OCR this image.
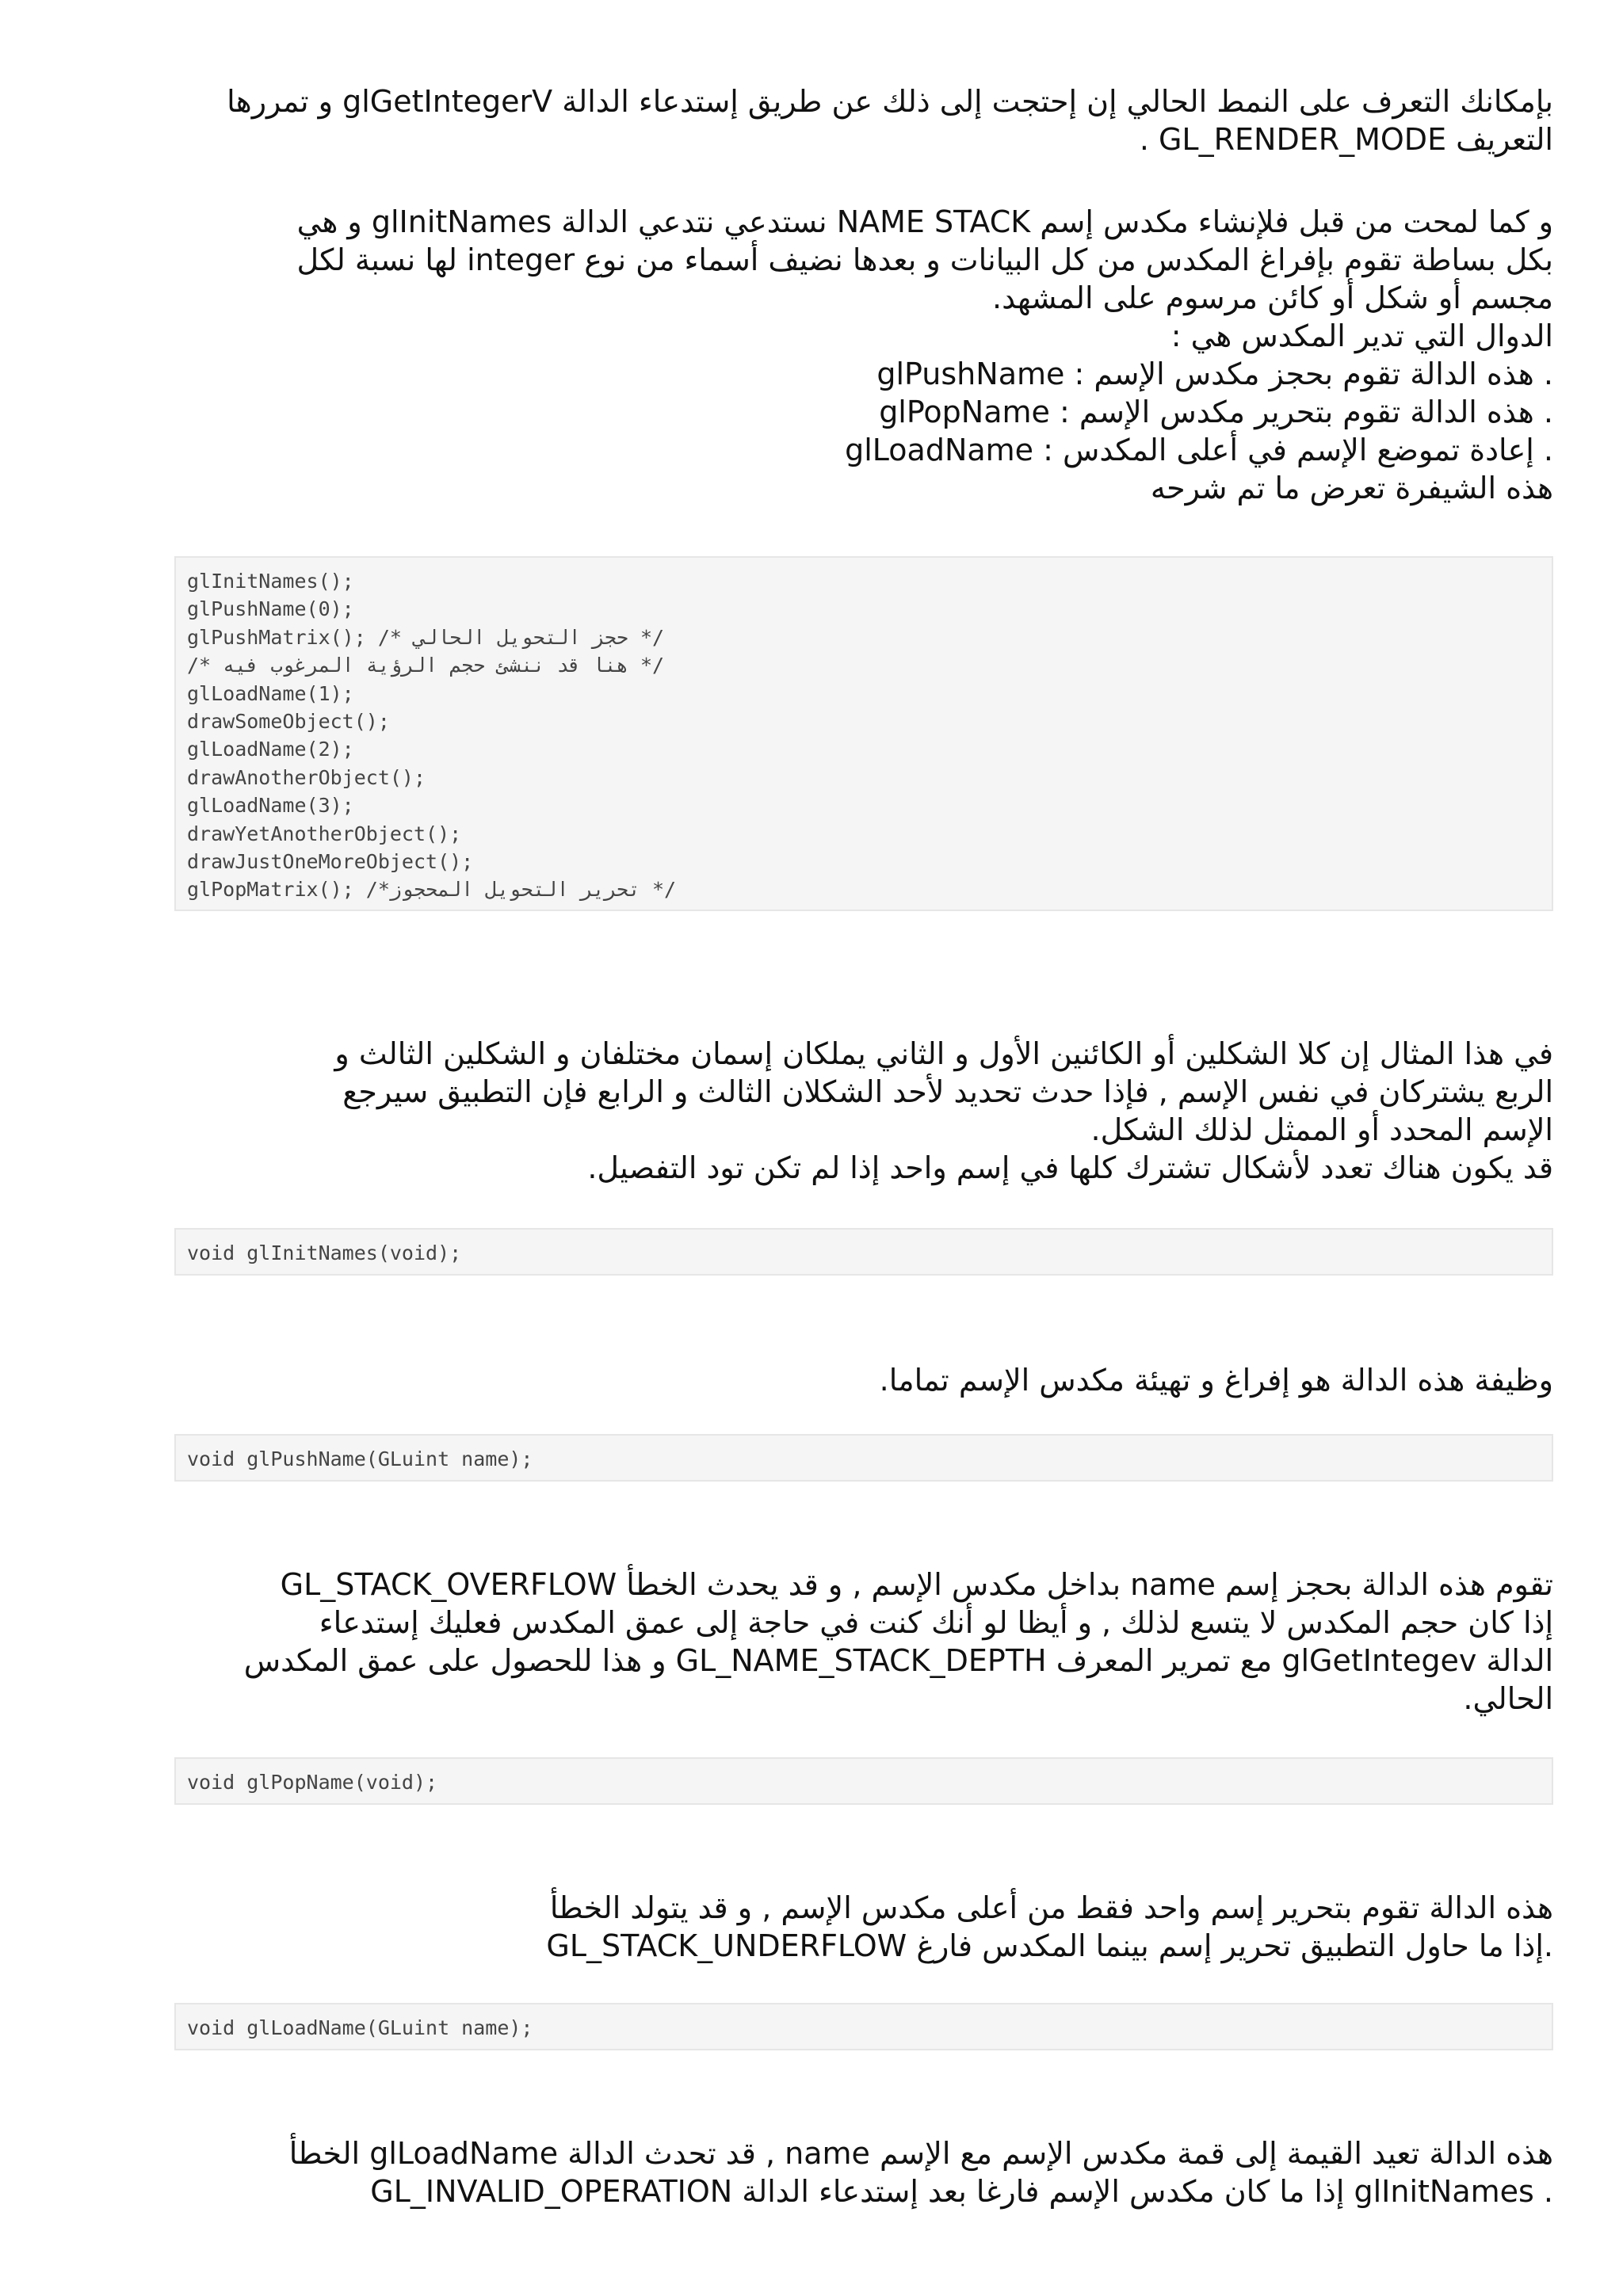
بإمكانك التعرف على النمط الحالي إن إحتجت إلى ذلك عن طريق إستدعاء الدالة glGetIntegerV و تمررها
التعريف GL_RENDER_MODE .
و كما لمحت من قبل فلإنشاء مكدس إسم NAME STACK نستدعي نتدعي الدالة glInitNames و هي
بكل بساطة تقوم بإفراغ المكدس من كل البيانات و بعدها نضيف أسماء من نوع integer لها نسبة لكل
مجسم أو شكل أو كائن مرسوم على المشهد.
الدوال التي تدير المكدس هي :
glPushName : هذه الدالة تقوم بحجز مكدس الإسم .
glPopName : هذه الدالة تقوم بتحرير مكدس الإسم .
glLoadName : إعادة تموضع الإسم في أعلى المكدس .
هذه الشيفرة تعرض ما تم شرحه
glInitNames();
glPushName(0);
glPushMatrix(); /* حجز التحويل الحالي */
/* هنا قد ننشئ حجم الرؤية المرغوب فيه */
glLoadName(1);
drawSomeObject();
glLoadName(2);
drawAnotherObject();
glLoadName(3);
drawYetAnotherObject();
drawJustOneMoreObject();
glPopMatrix(); /*تحرير التحويل المحجوز */
في هذا المثال إن كلا الشكلين أو الكائنين الأول و الثاني يملكان إسمان مختلفان و الشكلين الثالث و
الربع يشتركان في نفس الإسم , فإذا حدث تحديد لأحد الشكلان الثالث و الرابع فإن التطبيق سيرجع
الإسم المحدد أو الممثل لذلك الشكل.
قد يكون هناك تعدد لأشكال تشترك كلها في إسم واحد إذا لم تكن تود التفصيل.
void glInitNames(void);
وظيفة هذه الدالة هو إفراغ و تهيئة مكدس الإسم تماما.
void glPushName(GLuint name);
تقوم هذه الدالة بحجز إسم name بداخل مكدس الإسم , و قد يحدث الخطأ GL_STACK_OVERFLOW
إذا كان حجم المكدس لا يتسع لذلك , و أيظا لو أنك كنت في حاجة إلى عمق المكدس فعليك إستدعاء
الدالة glGetIntegev مع تمرير المعرف GL_NAME_STACK_DEPTH و هذا للحصول على عمق المكدس
الحالي.
void glPopName(void);
هذه الدالة تقوم بتحرير إسم واحد فقط من أعلى مكدس الإسم , و قد يتولد الخطأ
GL_STACK_UNDERFLOW إذا ما حاول التطبيق تحرير إسم بينما المكدس فارغ.
void glLoadName(GLuint name);
هذه الدالة تعيد القيمة إلى قمة مكدس الإسم مع الإسم name , قد تحدث الدالة glLoadName الخطأ
GL_INVALID_OPERATION إذا ما كان مكدس الإسم فارغا بعد إستدعاء الدالة glInitNames .
